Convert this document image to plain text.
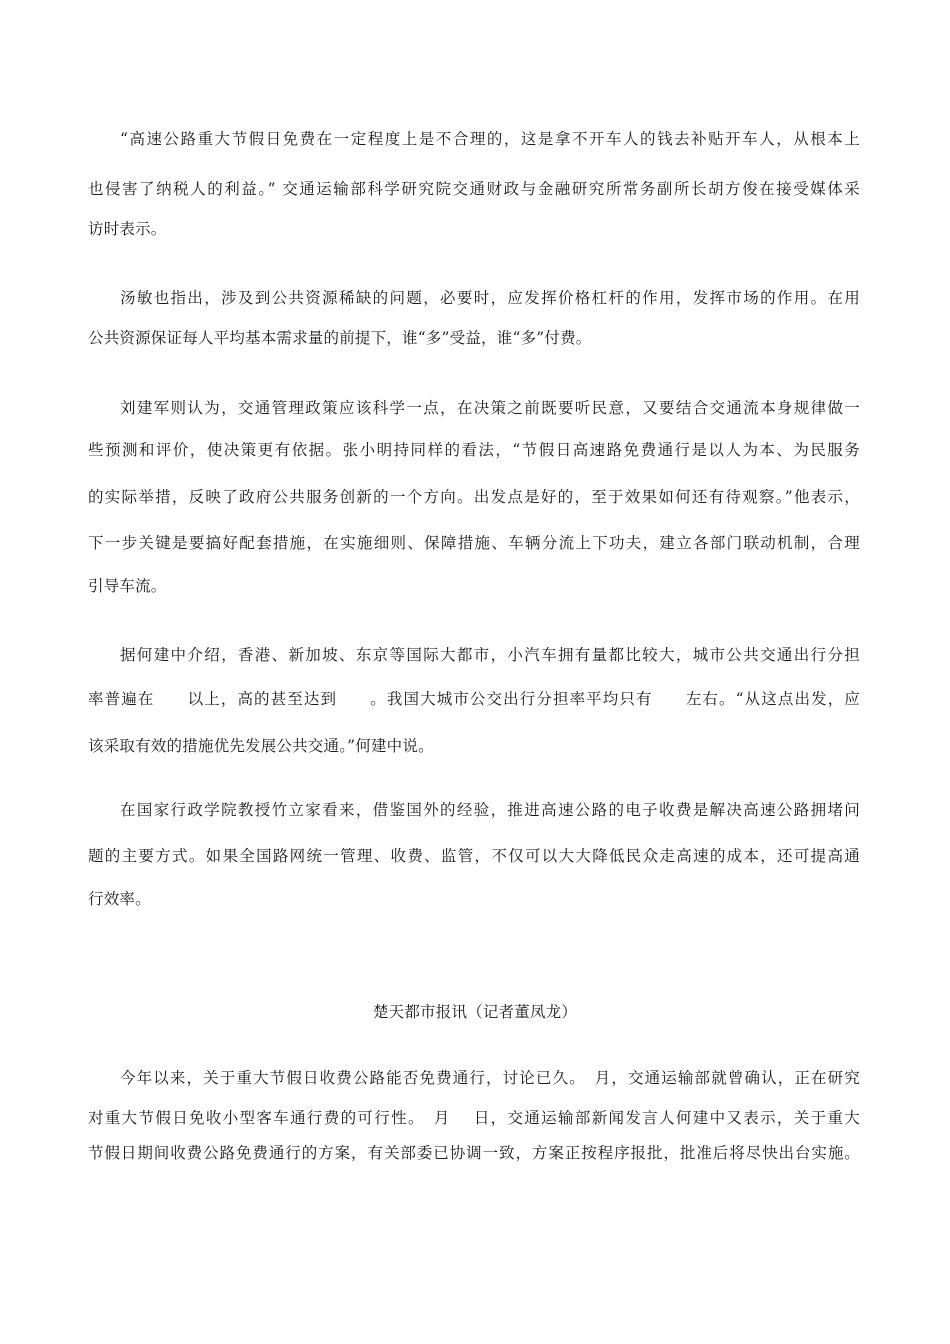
“高速公路重大节假日免费在一定程度上是不合理的，这是拿不开车人的钱去补贴开车人，从根本上
也侵害了纳税人的利益。” 交通运输部科学研究院交通财政与金融研究所常务副所长胡方俊在接受媒体采
访时表示。
汤敏也指出，涉及到公共资源稀缺的问题，必要时，应发挥价格杠杆的作用，发挥市场的作用。在用
公共资源保证每人平均基本需求量的前提下，谁“多”受益，谁“多”付费。
刘建军则认为，交通管理政策应该科学一点，在决策之前既要听民意，又要结合交通流本身规律做一
些预测和评价，使决策更有依据。张小明持同样的看法，“节假日高速路免费通行是以人为本、为民服务
的实际举措，反映了政府公共服务创新的一个方向。出发点是好的，至于效果如何还有待观察。”他表示，
下一步关键是要搞好配套措施，在实施细则、保障措施、车辆分流上下功夫，建立各部门联动机制，合理
引导车流。
据何建中介绍，香港、新加坡、东京等国际大都市，小汽车拥有量都比较大，城市公共交通出行分担
率普遍在　　以上，高的甚至达到　　。我国大城市公交出行分担率平均只有　　左右。“从这点出发，应
该采取有效的措施优先发展公共交通。”何建中说。
在国家行政学院教授竹立家看来，借鉴国外的经验，推进高速公路的电子收费是解决高速公路拥堵问
题的主要方式。如果全国路网统一管理、收费、监管，不仅可以大大降低民众走高速的成本，还可提高通
行效率。
楚天都市报讯（记者董凤龙）
今年以来，关于重大节假日收费公路能否免费通行，讨论已久。　月，交通运输部就曾确认，正在研究
对重大节假日免收小型客车通行费的可行性。　月　 日，交通运输部新闻发言人何建中又表示，关于重大
节假日期间收费公路免费通行的方案，有关部委已协调一致，方案正按程序报批，批准后将尽快出台实施。
